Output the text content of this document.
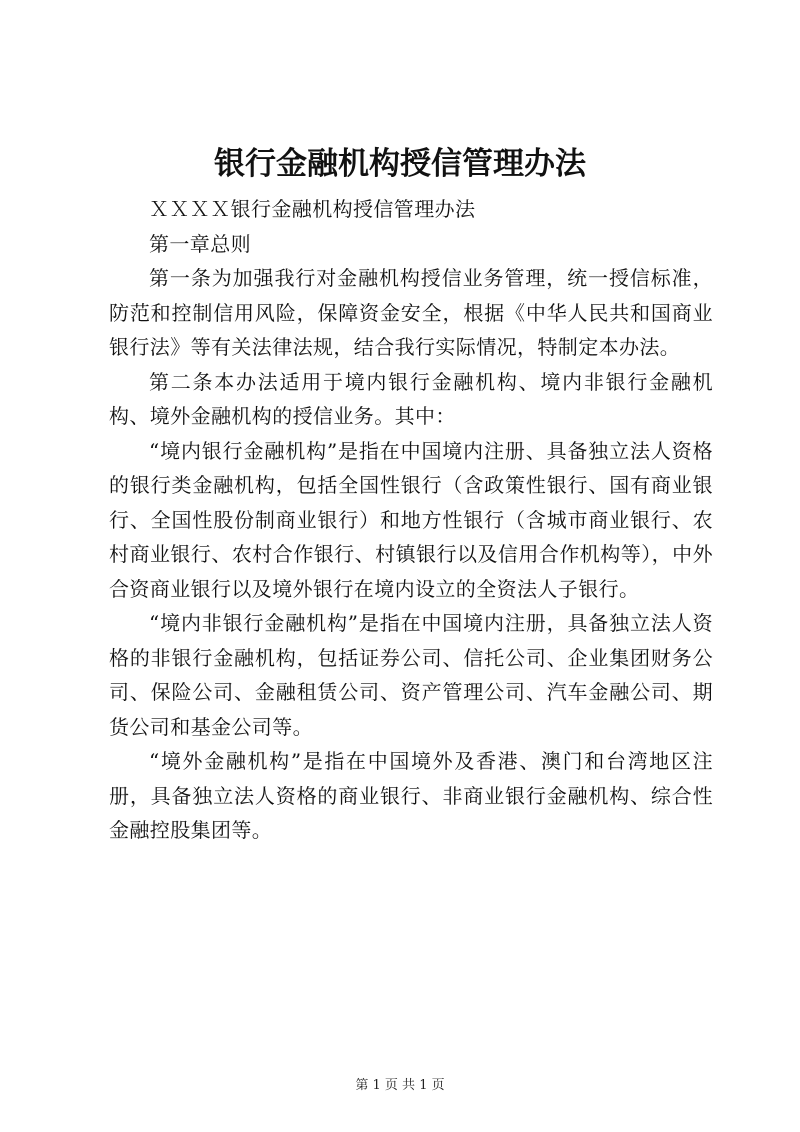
银行金融机构授信管理办法

ＸＸＸＸ银行金融机构授信管理办法

第一章总则

第一条为加强我行对金融机构授信业务管理，统一授信标准，防范和控制信用风险，保障资金安全，根据《中华人民共和国商业银行法》等有关法律法规，结合我行实际情况，特制定本办法。

第二条本办法适用于境内银行金融机构、境内非银行金融机构、境外金融机构的授信业务。其中：

“境内银行金融机构”是指在中国境内注册、具备独立法人资格的银行类金融机构，包括全国性银行（含政策性银行、国有商业银行、全国性股份制商业银行）和地方性银行（含城市商业银行、农村商业银行、农村合作银行、村镇银行以及信用合作机构等），中外合资商业银行以及境外银行在境内设立的全资法人子银行。

“境内非银行金融机构”是指在中国境内注册，具备独立法人资格的非银行金融机构，包括证券公司、信托公司、企业集团财务公司、保险公司、金融租赁公司、资产管理公司、汽车金融公司、期货公司和基金公司等。

“境外金融机构”是指在中国境外及香港、澳门和台湾地区注册，具备独立法人资格的商业银行、非商业银行金融机构、综合性金融控股集团等。

第 1 页 共 1 页
